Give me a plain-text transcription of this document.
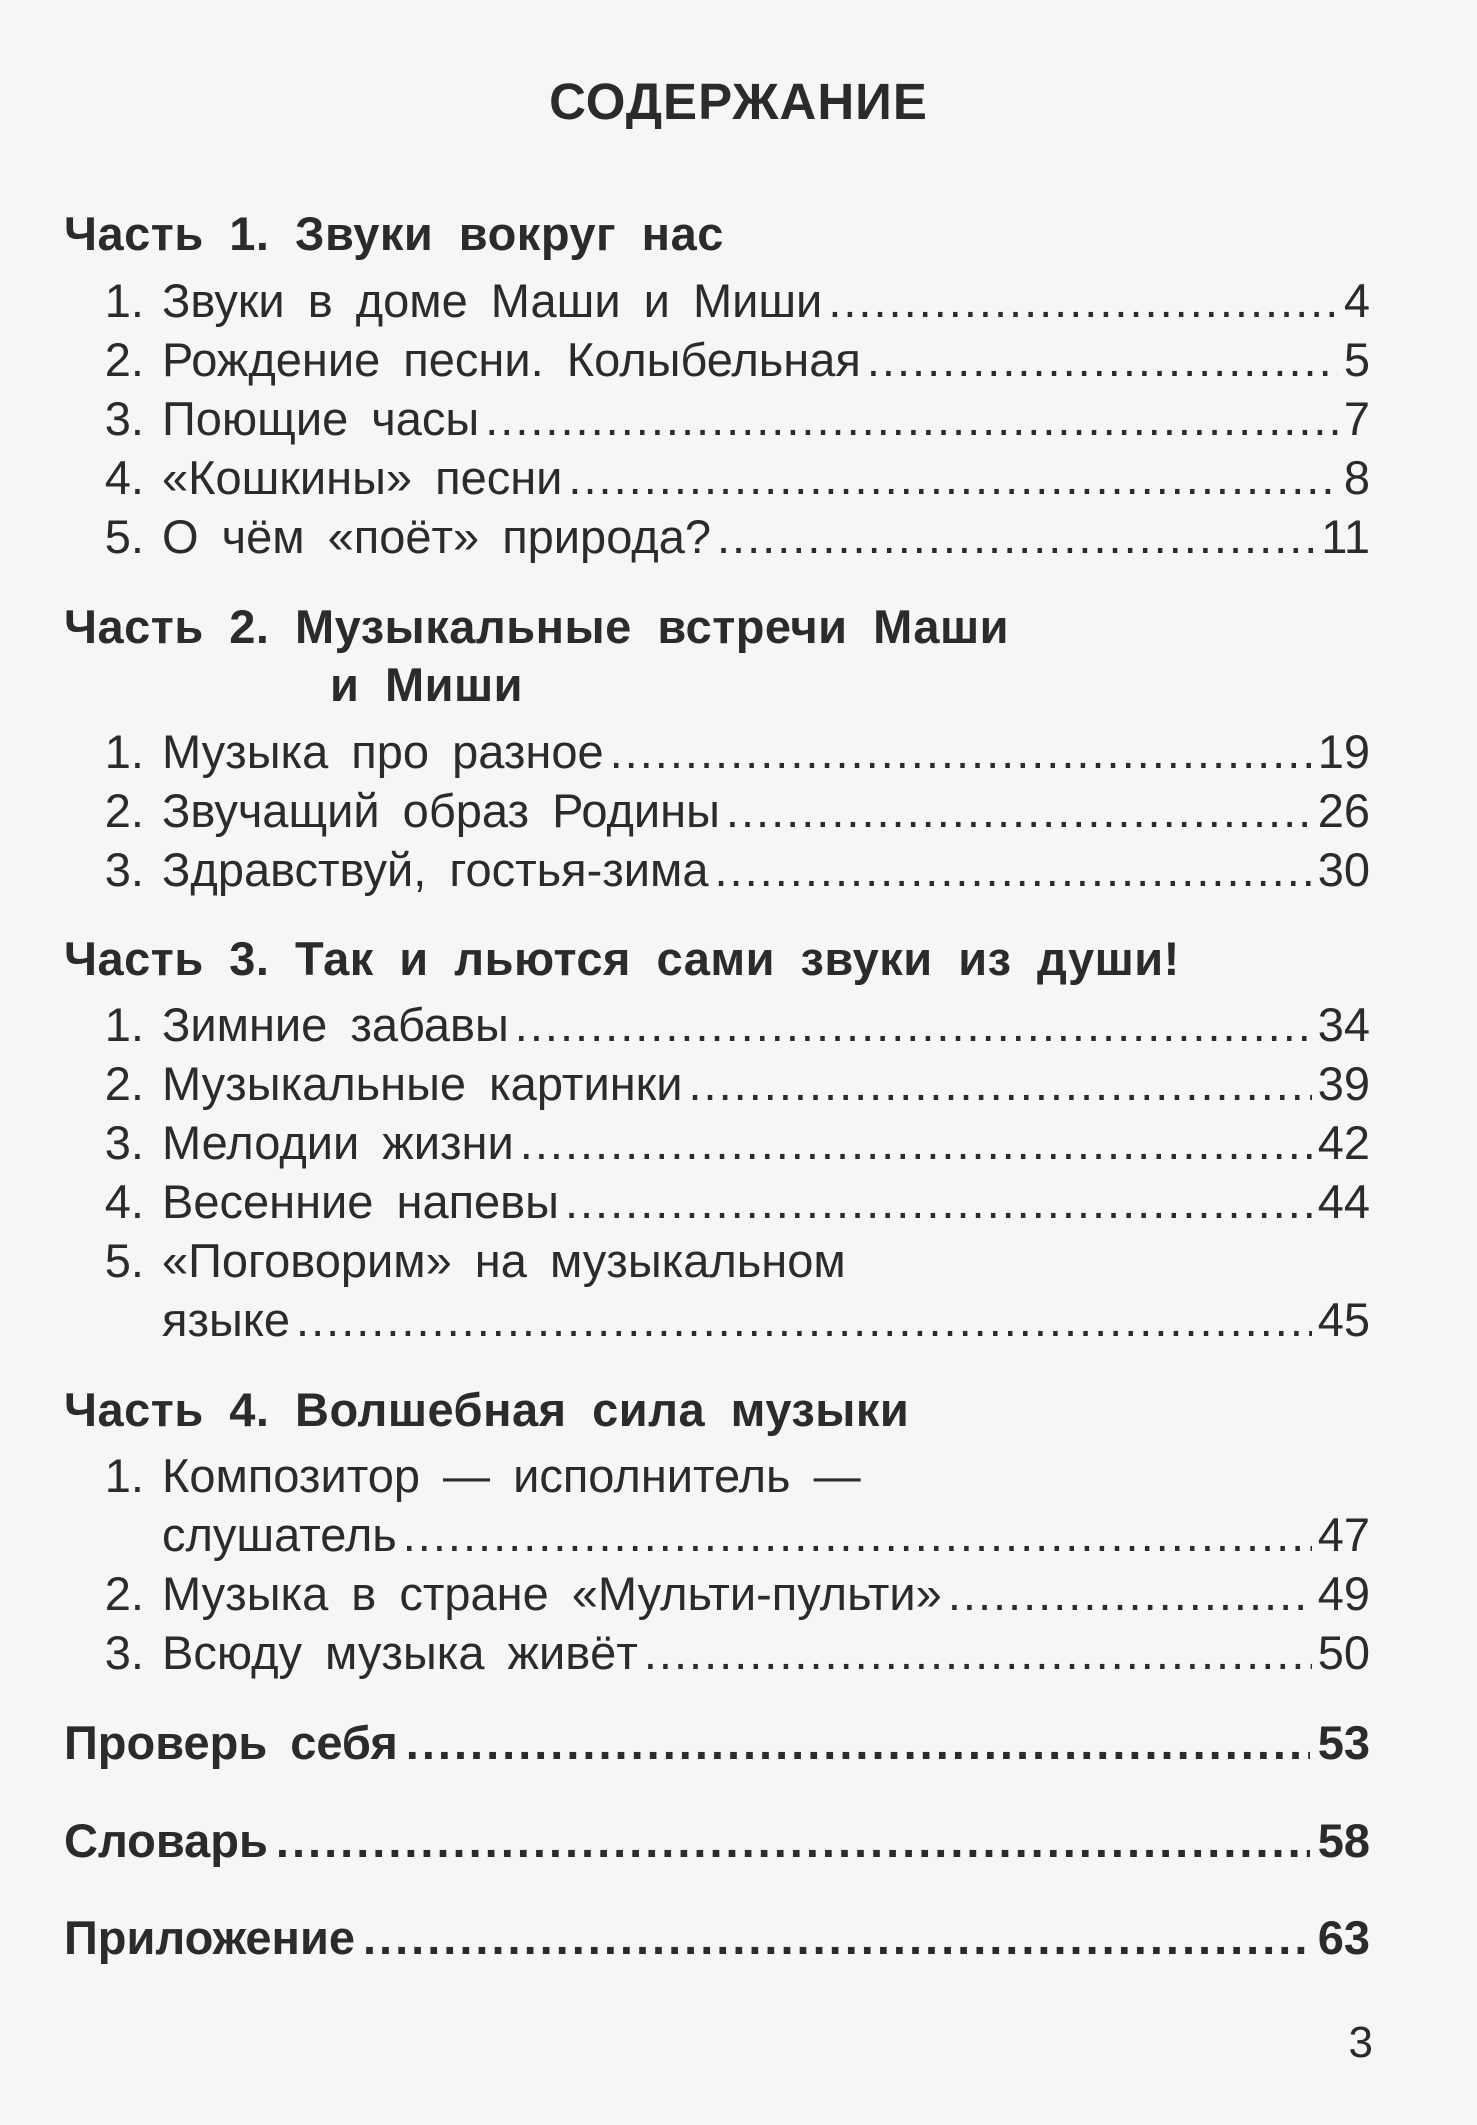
СОДЕРЖАНИЕ
Часть 1. Звуки вокруг нас
1. Звуки в доме Маши и Миши .....	4
2. Рождение песни. Колыбельная .....	5
3. Поющие часы .....	7
4. «Кошкины» песни .....	8
5. О чём «поёт» природа? .....	11
Часть 2. Музыкальные встречи Маши
и Миши
1. Музыка про разное .....	19
2. Звучащий образ Родины .....	26
3. Здравствуй, гостья-зима .....	30
Часть 3. Так и льются сами звуки из души!
1. Зимние забавы .....	34
2. Музыкальные картинки .....	39
3. Мелодии жизни .....	42
4. Весенние напевы .....	44
5. «Поговорим» на музыкальном
языке .....	45
Часть 4. Волшебная сила музыки
1. Композитор — исполнитель —
слушатель .....	47
2. Музыка в стране «Мульти-пульти» .....	49
3. Всюду музыка живёт .....	50
Проверь себя .....	53
Словарь .....	58
Приложение .....	63
3
